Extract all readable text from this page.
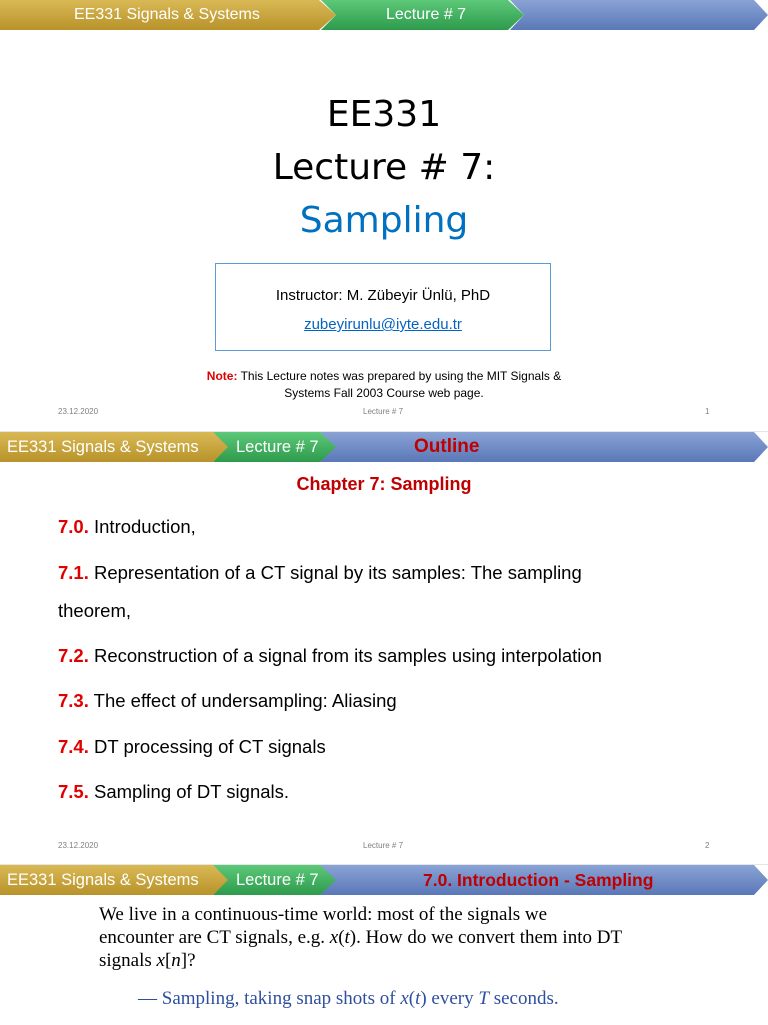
EE331 Signals & Systems	Lecture # 7
EE331
Lecture # 7:
Sampling
Instructor: M. Zübeyir Ünlü, PhD
zubeyirunlu@iyte.edu.tr
Note: This Lecture notes was prepared by using the MIT Signals &
Systems Fall 2003 Course web page.
23.12.2020	Lecture # 7	1
EE331 Signals & Systems Lecture # 7	Outline
Chapter 7: Sampling
7.0. Introduction,
7.1. Representation of a CT signal by its samples: The sampling
theorem,
7.2. Reconstruction of a signal from its samples using interpolation
7.3. The effect of undersampling: Aliasing
7.4. DT processing of CT signals
7.5. Sampling of DT signals.
23.12.2020	Lecture # 7	2
EE331 Signals & Systems Lecture # 7	7.0. Introduction - Sampling
We live in a continuous-time world: most of the signals we
encounter are CT signals, e.g. x(t). How do we convert them into DT
signals x[n]?
— Sampling, taking snap shots of x(t) every T seconds.
